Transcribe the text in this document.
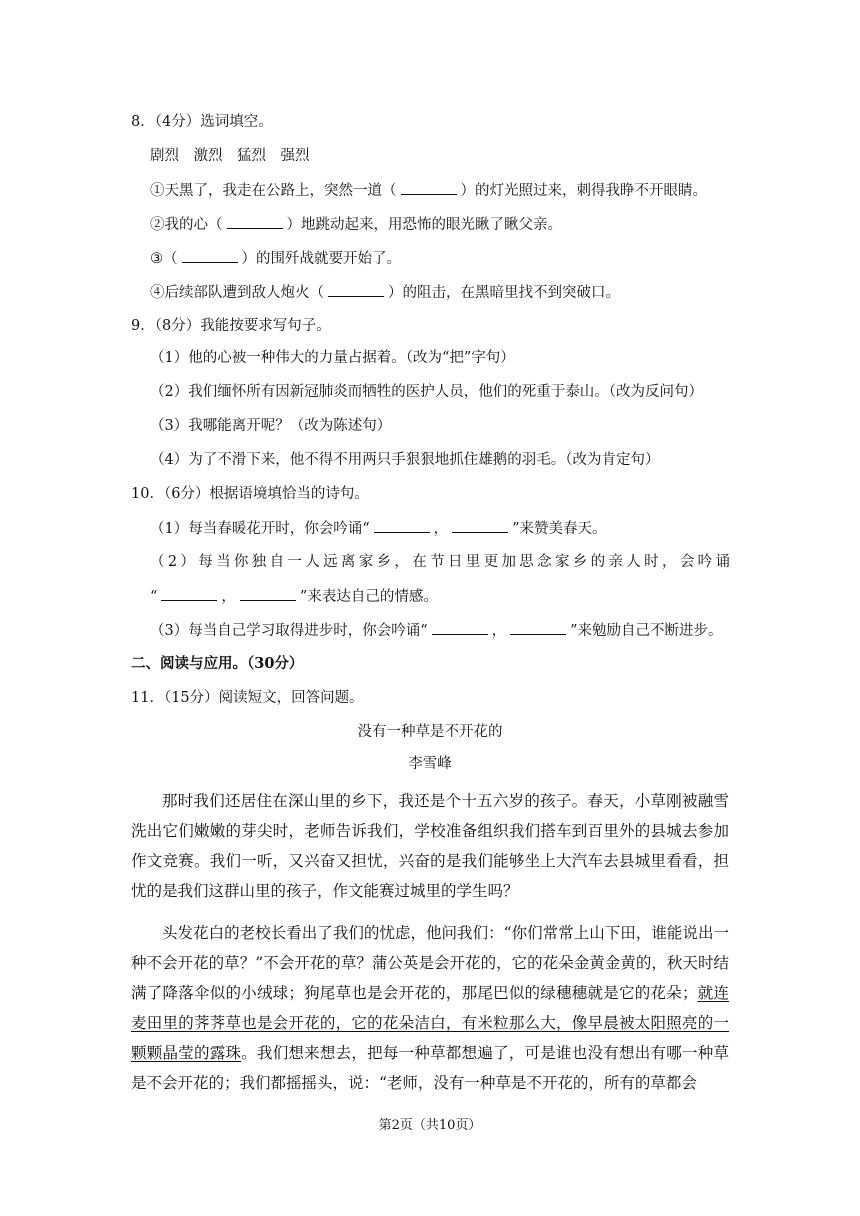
8．（4分）选词填空。
剧烈　激烈　猛烈　强烈
①天黑了，我走在公路上，突然一道（	）的灯光照过来，刺得我睁不开眼睛。
②我的心（	）地跳动起来，用恐怖的眼光瞅了瞅父亲。
③（	）的围歼战就要开始了。
④后续部队遭到敌人炮火（	）的阻击，在黑暗里找不到突破口。
9．（8分）我能按要求写句子。
（1）他的心被一种伟大的力量占据着。（改为“把”字句）
（2）我们缅怀所有因新冠肺炎而牺牲的医护人员，他们的死重于泰山。（改为反问句）
（3）我哪能离开呢？（改为陈述句）
（4）为了不滑下来，他不得不用两只手狠狠地抓住雄鹅的羽毛。（改为肯定句）
10．（6分）根据语境填恰当的诗句。
（1）每当春暖花开时，你会吟诵“	，	”来赞美春天。
（2）每当你独自一人远离家乡，在节日里更加思念家乡的亲人时，会吟诵
“	，	”来表达自己的情感。
（3）每当自己学习取得进步时，你会吟诵“	，	”来勉励自己不断进步。
二、阅读与应用。（30分）
11．（15分）阅读短文，回答问题。
没有一种草是不开花的
李雪峰

那时我们还居住在深山里的乡下，我还是个十五六岁的孩子。春天，小草刚被融雪洗出它们嫩嫩的芽尖时，老师告诉我们，学校准备组织我们搭车到百里外的县城去参加作文竞赛。我们一听，又兴奋又担忧，兴奋的是我们能够坐上大汽车去县城里看看，担忧的是我们这群山里的孩子，作文能赛过城里的学生吗？

头发花白的老校长看出了我们的忧虑，他问我们：“你们常常上山下田，谁能说出一种不会开花的草？”不会开花的草？蒲公英是会开花的，它的花朵金黄金黄的，秋天时结满了降落伞似的小绒球；狗尾草也是会开花的，那尾巴似的绿穗穗就是它的花朵；就连麦田里的荠荠草也是会开花的，它的花朵洁白，有米粒那么大，像早晨被太阳照亮的一颗颗晶莹的露珠。我们想来想去，把每一种草都想遍了，可是谁也没有想出有哪一种草是不会开花的；我们都摇摇头，说：“老师，没有一种草是不开花的，所有的草都会

第2页（共10页）
